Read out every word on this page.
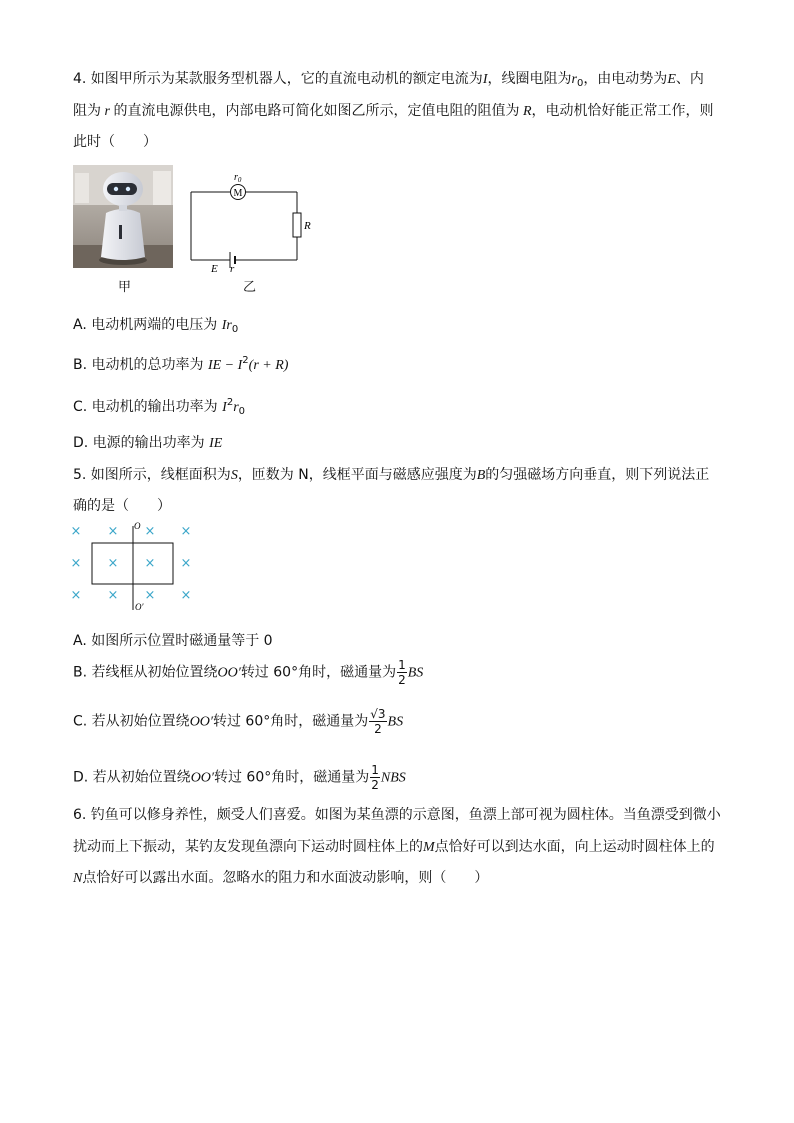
4. 如图甲所示为某款服务型机器人，它的直流电动机的额定电流为I，线圈电阻为$r_0$，由电动势为E、内
阻为 r 的直流电源供电，内部电路可简化如图乙所示，定值电阻的阻值为 R，电动机恰好能正常工作，则
此时（　　）
甲
M
$r_0$
R
E r
乙
A. 电动机两端的电压为 $Ir_0$
B. 电动机的总功率为 IE − $I^2(r + R)$
C. 电动机的输出功率为 $I^2r_0$
D. 电源的输出功率为 IE
5. 如图所示，线框面积为S，匝数为 N，线框平面与磁感应强度为B的匀强磁场方向垂直，则下列说法正
确的是（　　）
× × × ×
× × × ×
× × × ×
O
O′
A. 如图所示位置时磁通量等于 0
B. 若线框从初始位置绕OO′转过 60°角时，磁通量为 $\frac{1}{2}$ BS
C. 若从初始位置绕OO′转过 60°角时，磁通量为 $\frac{√3}{2}$ BS
D. 若从初始位置绕OO′转过 60°角时，磁通量为 $\frac{1}{2}$ NBS
6. 钓鱼可以修身养性，颇受人们喜爱。如图为某鱼漂的示意图，鱼漂上部可视为圆柱体。当鱼漂受到微小
扰动而上下振动，某钓友发现鱼漂向下运动时圆柱体上的M点恰好可以到达水面，向上运动时圆柱体上的
N点恰好可以露出水面。忽略水的阻力和水面波动影响，则（　　）
